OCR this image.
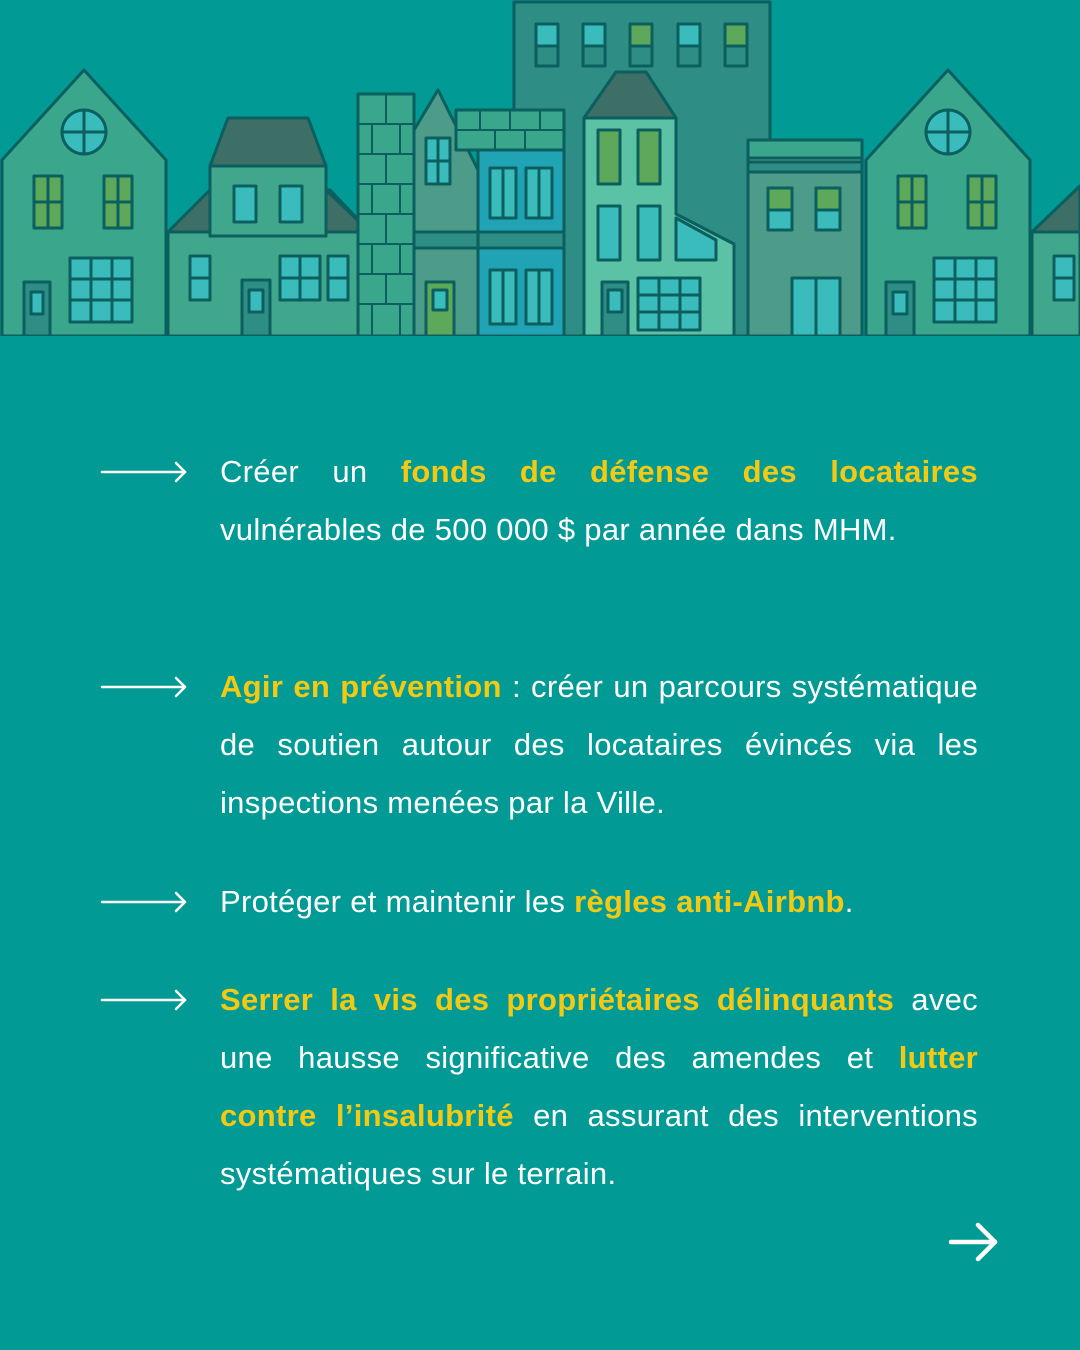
Créer un fonds de défense des locataires vulnérables de 500 000 $ par année dans MHM.
Agir en prévention : créer un parcours systématique de soutien autour des locataires évincés via les inspections menées par la Ville.
Protéger et maintenir les règles anti-Airbnb.
Serrer la vis des propriétaires délinquants avec une hausse significative des amendes et lutter contre l’insalubrité en assurant des interventions systématiques sur le terrain.
